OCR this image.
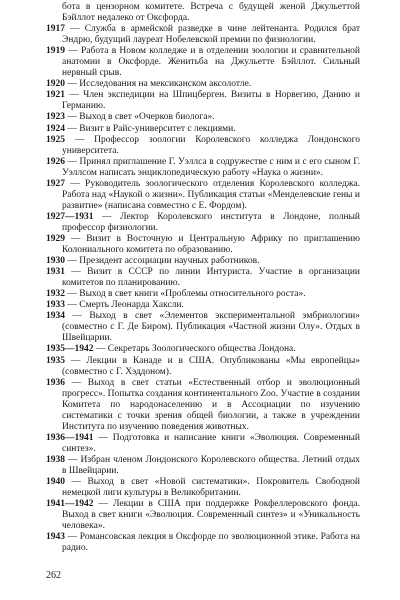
бота в цензорном комитете. Встреча с будущей женой Джульеттой Бэйллот недалеко от Оксфорда.

1917 — Служба в армейской разведке в чине лейтенанта. Родился брат Эндрю, будущий лауреат Нобелевской премии по физиологии.

1919 — Работа в Новом колледже и в отделении зоологии и сравнительной анатомии в Оксфорде. Женитьба на Джульетте Бэйллот. Сильный нервный срыв.

1920 — Исследования на мексиканском аксолотле.

1921 — Член экспедиции на Шпицберген. Визиты в Норвегию, Данию и Германию.

1923 — Выход в свет «Очерков биолога».

1924 — Визит в Райс-университет с лекциями.

1925 — Профессор зоологии Королевского колледжа Лондонского университета.

1926 — Принял приглашение Г. Уэллса в содружестве с ним и с его сыном Г. Уэллсом написать энциклопедическую работу «Наука о жизни».

1927 — Руководитель зоологического отделения Королевского колледжа. Работа над «Наукой о жизни». Публикация статьи «Менделевские гены и развитие» (написана совместно с Е. Фордом).

1927—1931 — Лектор Королевского института в Лондоне, полный профессор физиологии.

1929 — Визит в Восточную и Центральную Африку по приглашению Колониального комитета по образованию.

1930 — Президент ассоциации научных работников.

1931 — Визит в СССР по линии Интуриста. Участие в организации комитетов по планированию.

1932 — Выход в свет книги «Проблемы относительного роста».

1933 — Смерть Леонарда Хаксли.

1934 — Выход в свет «Элементов экспериментальной эмбриологии» (совместно с Г. Де Биром). Публикация «Частной жизни Олу». Отдых в Швейцарии.

1935—1942 — Секретарь Зоологического общества Лондона.

1935 — Лекции в Канаде и в США. Опубликованы «Мы европейцы» (совместно с Г. Хэддоном).

1936 — Выход в свет статьи «Естественный отбор и эволюционный прогресс». Попытка создания континентального Zoo. Участие в создании Комитета по народонаселению и в Ассоциации по изучению систематики с точки зрения общей биологии, а также в учреждении Института по изучению поведения животных.

1936—1941 — Подготовка и написание книги «Эволюция. Современный синтез».

1938 — Избран членом Лондонского Королевского общества. Летний отдых в Швейцарии.

1940 — Выход в свет «Новой систематики». Покровитель Свободной немецкой лиги культуры в Великобритании.

1941—1942 — Лекции в США при поддержке Рокфеллеровского фонда. Выход в свет книги «Эволюция. Современный синтез» и «Уникальность человека».

1943 — Романсовская лекция в Оксфорде по эволюционной этике. Работа на радио.

262
